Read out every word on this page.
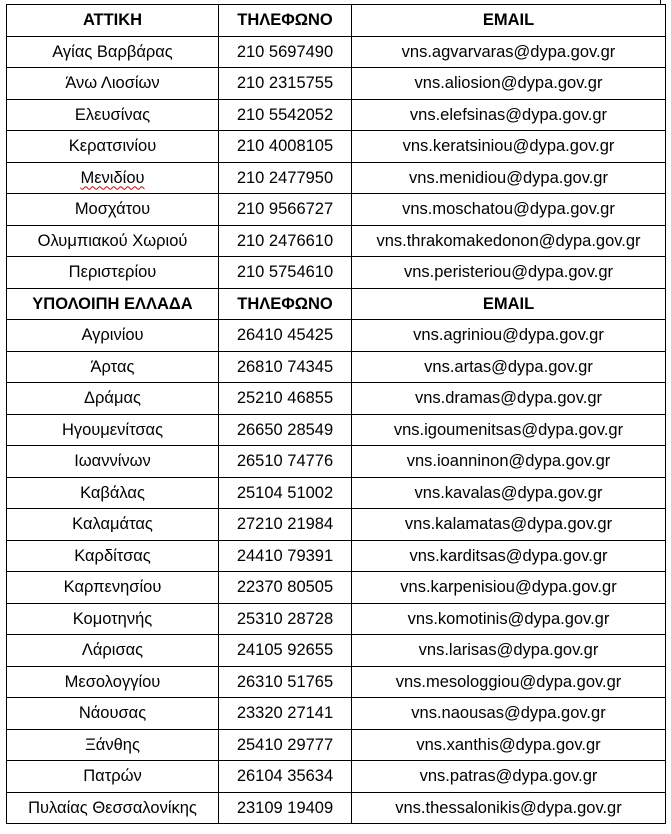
ΑΤΤΙΚΗ	ΤΗΛΕΦΩΝΟ	EMAIL
Αγίας Βαρβάρας	210 5697490	vns.agvarvaras@dypa.gov.gr
Άνω Λιοσίων	210 2315755	vns.aliosion@dypa.gov.gr
Ελευσίνας	210 5542052	vns.elefsinas@dypa.gov.gr
Κερατσινίου	210 4008105	vns.keratsiniou@dypa.gov.gr
Μενιδίου	210 2477950	vns.menidiou@dypa.gov.gr
Μοσχάτου	210 9566727	vns.moschatou@dypa.gov.gr
Ολυμπιακού Χωριού	210 2476610	vns.thrakomakedonon@dypa.gov.gr
Περιστερίου	210 5754610	vns.peristeriou@dypa.gov.gr
ΥΠΟΛΟΙΠΗ ΕΛΛΑΔΑ	ΤΗΛΕΦΩΝΟ	EMAIL
Αγρινίου	26410 45425	vns.agriniou@dypa.gov.gr
Άρτας	26810 74345	vns.artas@dypa.gov.gr
Δράμας	25210 46855	vns.dramas@dypa.gov.gr
Ηγουμενίτσας	26650 28549	vns.igoumenitsas@dypa.gov.gr
Ιωαννίνων	26510 74776	vns.ioanninon@dypa.gov.gr
Καβάλας	25104 51002	vns.kavalas@dypa.gov.gr
Καλαμάτας	27210 21984	vns.kalamatas@dypa.gov.gr
Καρδίτσας	24410 79391	vns.karditsas@dypa.gov.gr
Καρπενησίου	22370 80505	vns.karpenisiou@dypa.gov.gr
Κομοτηνής	25310 28728	vns.komotinis@dypa.gov.gr
Λάρισας	24105 92655	vns.larisas@dypa.gov.gr
Μεσολογγίου	26310 51765	vns.mesologgiou@dypa.gov.gr
Νάουσας	23320 27141	vns.naousas@dypa.gov.gr
Ξάνθης	25410 29777	vns.xanthis@dypa.gov.gr
Πατρών	26104 35634	vns.patras@dypa.gov.gr
Πυλαίας Θεσσαλονίκης	23109 19409	vns.thessalonikis@dypa.gov.gr
